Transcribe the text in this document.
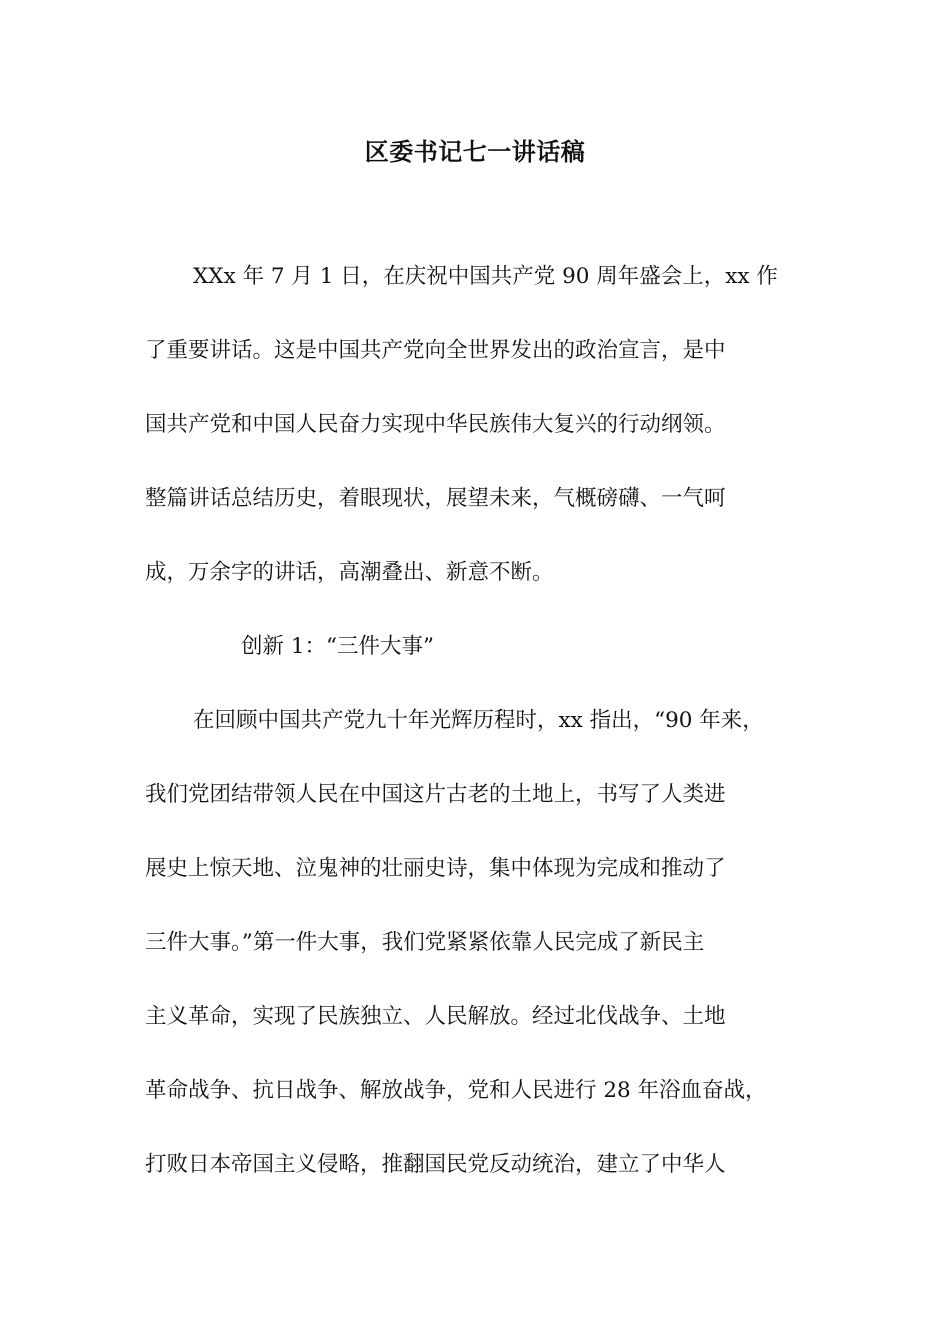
区委书记七一讲话稿
XXx 年 7 月 1 日，在庆祝中国共产党 90 周年盛会上，xx 作
了重要讲话。这是中国共产党向全世界发出的政治宣言，是中
国共产党和中国人民奋力实现中华民族伟大复兴的行动纲领。
整篇讲话总结历史，着眼现状，展望未来，气概磅礴、一气呵
成，万余字的讲话，高潮叠出、新意不断。
创新 1：“三件大事”
在回顾中国共产党九十年光辉历程时，xx 指出，“90 年来，
我们党团结带领人民在中国这片古老的土地上，书写了人类进
展史上惊天地、泣鬼神的壮丽史诗，集中体现为完成和推动了
三件大事。”第一件大事，我们党紧紧依靠人民完成了新民主
主义革命，实现了民族独立、人民解放。经过北伐战争、土地
革命战争、抗日战争、解放战争，党和人民进行 28 年浴血奋战，
打败日本帝国主义侵略，推翻国民党反动统治，建立了中华人
